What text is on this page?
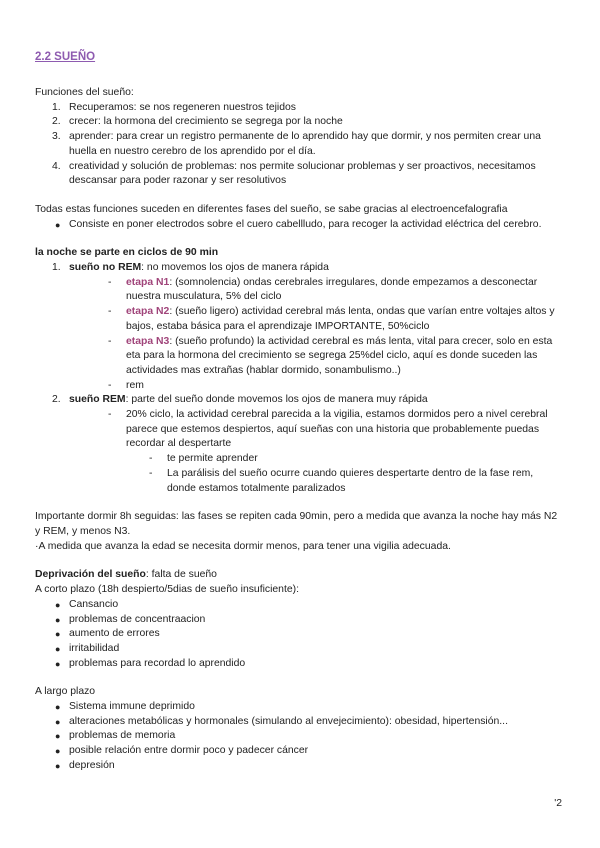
2.2 SUEÑO

Funciones del sueño:

1. Recuperamos: se nos regeneren nuestros tejidos
2. crecer: la hormona del crecimiento se segrega por la noche
3. aprender: para crear un registro permanente de lo aprendido hay que dormir, y nos permiten crear una huella en nuestro cerebro de los aprendido por el día.
4. creatividad y solución de problemas: nos permite solucionar problemas y ser proactivos, necesitamos descansar para poder razonar y ser resolutivos

Todas estas funciones suceden en diferentes fases del sueño, se sabe gracias al electroencefalografia

● Consiste en poner electrodos sobre el cuero cabellludo, para recoger la actividad eléctrica del cerebro.

la noche se parte en ciclos de 90 min

1. sueño no REM: no movemos los ojos de manera rápida
- etapa N1: (somnolencia) ondas cerebrales irregulares, donde empezamos a desconectar nuestra musculatura, 5% del ciclo
- etapa N2: (sueño ligero) actividad cerebral más lenta, ondas que varían entre voltajes altos y bajos, estaba básica para el aprendizaje IMPORTANTE, 50%ciclo
- etapa N3: (sueño profundo) la actividad cerebral es más lenta, vital para crecer, solo en esta eta para la hormona del crecimiento se segrega 25%del ciclo, aquí es donde suceden las actividades mas extrañas (hablar dormido, sonambulismo..)
- rem
2. sueño REM: parte del sueño donde movemos los ojos de manera muy rápida
- 20% ciclo, la actividad cerebral parecida a la vigilia, estamos dormidos pero a nivel cerebral parece que estemos despiertos, aquí sueñas con una historia que probablemente puedas recordar al despertarte
- te permite aprender
- La parálisis del sueño ocurre cuando quieres despertarte dentro de la fase rem, donde estamos totalmente paralizados

Importante dormir 8h seguidas: las fases se repiten cada 90min, pero a medida que avanza la noche hay más N2 y REM, y menos N3.

·A medida que avanza la edad se necesita dormir menos, para tener una vigilia adecuada.

Deprivación del sueño: falta de sueño

A corto plazo (18h despierto/5dias de sueño insuficiente):

● Cansancio
● problemas de concentraacion
● aumento de errores
● irritabilidad
● problemas para recordad lo aprendido

A largo plazo

● Sistema immune deprimido
● alteraciones metabólicas y hormonales (simulando al envejecimiento): obesidad, hipertensión...
● problemas de memoria
● posible relación entre dormir poco y padecer cáncer
● depresión
'2
